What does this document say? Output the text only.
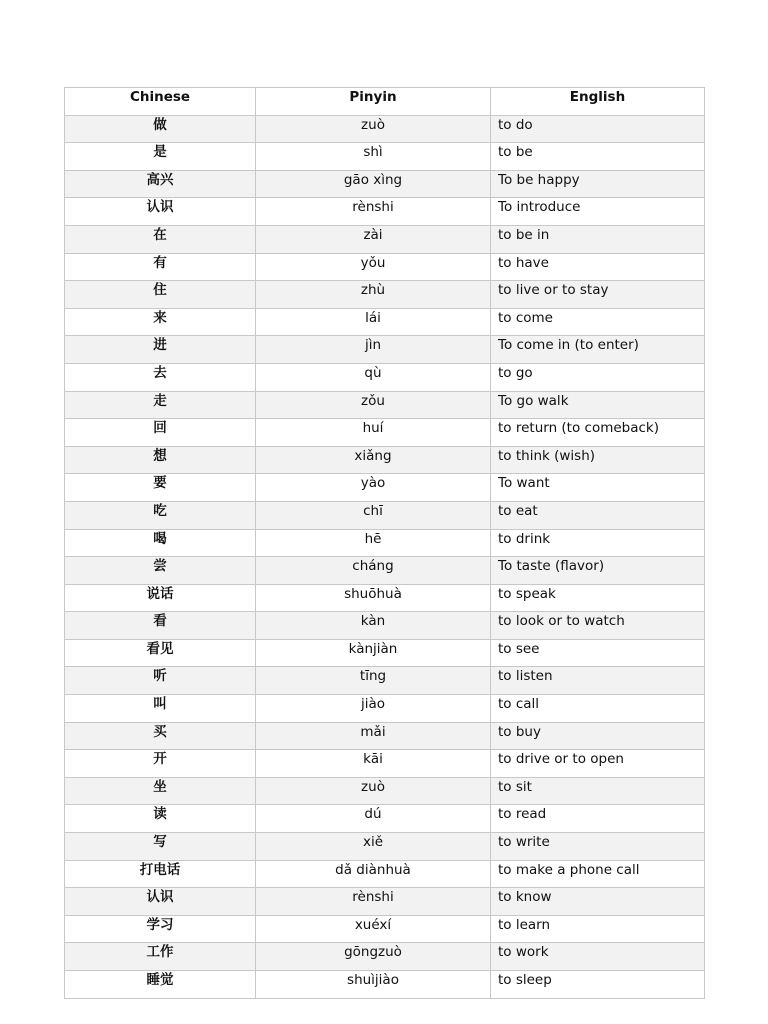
Chinese	Pinyin	English
做	zuò	to do
是	shì	to be
高兴	gāo xìng	To be happy
认识	rènshi	To introduce
在	zài	to be in
有	yǒu	to have
住	zhù	to live or to stay
来	lái	to come
进	jìn	To come in (to enter)
去	qù	to go
走	zǒu	To go walk
回	huí	to return (to comeback)
想	xiǎng	to think (wish)
要	yào	To want
吃	chī	to eat
喝	hē	to drink
尝	cháng	To taste (flavor)
说话	shuōhuà	to speak
看	kàn	to look or to watch
看见	kànjiàn	to see
听	tīng	to listen
叫	jiào	to call
买	mǎi	to buy
开	kāi	to drive or to open
坐	zuò	to sit
读	dú	to read
写	xiě	to write
打电话	dǎ diànhuà	to make a phone call
认识	rènshi	to know
学习	xuéxí	to learn
工作	gōngzuò	to work
睡觉	shuìjiào	to sleep
